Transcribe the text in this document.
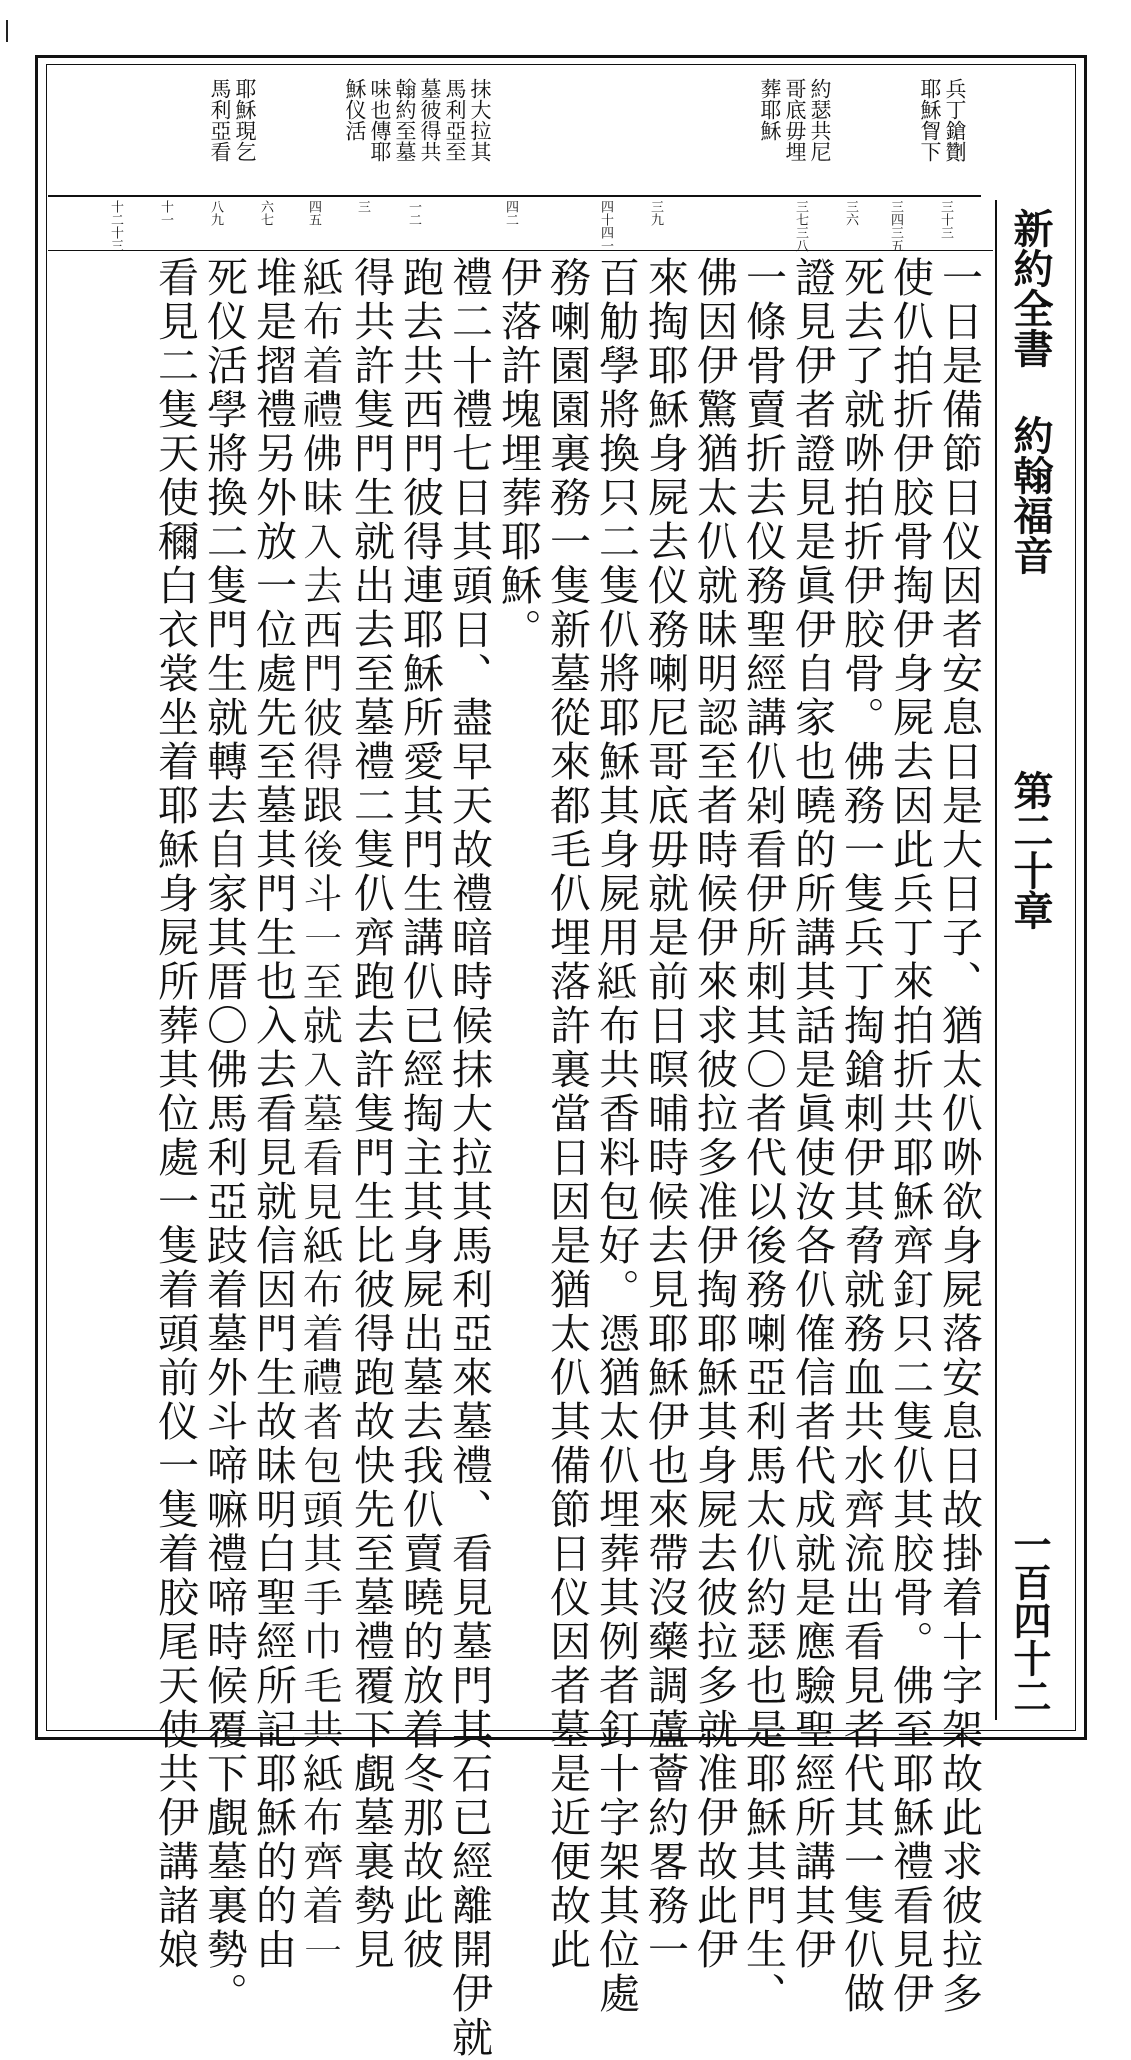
兵丁鎗劗
耶穌胷下
約瑟共尼
哥底毋埋
葬耶穌
抹大拉其
馬利亞至
墓彼得共
翰約至墓
味也傳耶
穌仪活
耶穌現乞
馬利亞看
三十三
三四三五
三六
三七三八
三九
四十四一
四二
一二
三
四五
六七
八九
十一
十二十三
一日是備節日仪因者安息日是大日子、猶太仈𠰻欲身屍落安息日故掛着十字架故此求彼拉多
使仈拍折伊胶骨掏伊身屍去因此兵丁來拍折共耶穌齊釘只二隻仈其胶骨。佛至耶穌禮看見伊
死去了就𠰻拍折伊胶骨。佛務一隻兵丁掏鎗刺伊其脅就務血共水齊流出看見者代其一隻仈做
證見伊者證見是眞伊自家也曉的所講其話是眞使汝各仈傕信者代成就是應驗聖經所講其伊
一條骨賣折去仪務聖經講仈剁看伊所刺其〇者代以後務喇亞利馬太仈約瑟也是耶穌其門生、
佛因伊驚猶太仈就昧明認至者時候伊來求彼拉多准伊掏耶穌其身屍去彼拉多就准伊故此伊
來掏耶穌身屍去仪務喇尼哥底毋就是前日暝晡時候去見耶穌伊也來帶沒藥調蘆薈約畧務一
百觔學將換只二隻仈將耶穌其身屍用𥿄布共香料包好。憑猶太仈埋葬其例者釘十字架其位處
務喇園園裏務一隻新墓從來都毛仈埋落許裏當日因是猶太仈其備節日仪因者墓是近便故此
伊落許塊埋葬耶穌。
禮二十禮七日其頭日、盡早天故禮暗時候抹大拉其馬利亞來墓禮、看見墓門其石已經離開伊就
跑去共西門彼得連耶穌所愛其門生講仈已經掏主其身屍出墓去我仈賣曉的放着冬那故此彼
得共許隻門生就出去至墓禮二隻仈齊跑去許隻門生比彼得跑故快先至墓禮覆下覰墓裏勢見
𥿄布着禮佛昧入去西門彼得跟後斗一至就入墓看見𥿄布着禮者包頭其手巾毛共𥿄布齊着一
堆是摺禮另外放一位處先至墓其門生也入去看見就信因門生故昧明白聖經所記耶穌的的由
死仪活學將換二隻門生就轉去自家其厝〇佛馬利亞跂着墓外斗啼嘛禮啼時候覆下覰墓裏勢。
看見二隻天使穪白衣裳坐着耶穌身屍所葬其位處一隻着頭前仪一隻着胶尾天使共伊講諸娘	新約全書
約翰福音
第二十章
一百四十二
